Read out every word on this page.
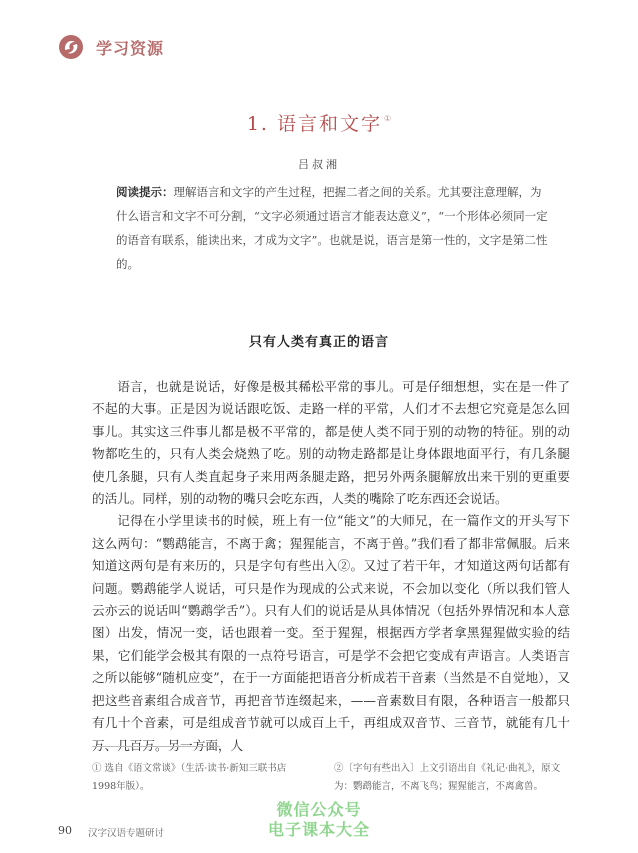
学习资源
1. 语言和文字 ①
吕叔湘
阅读提示：理解语言和文字的产生过程，把握二者之间的关系。尤其要注意理解，为什么语言和文字不可分割，“文字必须通过语言才能表达意义”，“一个形体必须同一定的语音有联系，能读出来，才成为文字”。也就是说，语言是第一性的，文字是第二性的。
只有人类有真正的语言

语言，也就是说话，好像是极其稀松平常的事儿。可是仔细想想，实在是一件了不起的大事。正是因为说话跟吃饭、走路一样的平常，人们才不去想它究竟是怎么回事儿。其实这三件事儿都是极不平常的，都是使人类不同于别的动物的特征。别的动物都吃生的，只有人类会烧熟了吃。别的动物走路都是让身体跟地面平行，有几条腿使几条腿，只有人类直起身子来用两条腿走路，把另外两条腿解放出来干别的更重要的活儿。同样，别的动物的嘴只会吃东西，人类的嘴除了吃东西还会说话。

记得在小学里读书的时候，班上有一位“能文”的大师兄，在一篇作文的开头写下这么两句：“鹦鹉能言，不离于禽；猩猩能言，不离于兽。”我们看了都非常佩服。后来知道这两句是有来历的，只是字句有些出入②。又过了若干年，才知道这两句话都有问题。鹦鹉能学人说话，可只是作为现成的公式来说，不会加以变化（所以我们管人云亦云的说话叫“鹦鹉学舌”）。只有人们的说话是从具体情况（包括外界情况和本人意图）出发，情况一变，话也跟着一变。至于猩猩，根据西方学者拿黑猩猩做实验的结果，它们能学会极其有限的一点符号语言，可是学不会把它变成有声语言。人类语言之所以能够“随机应变”，在于一方面能把语音分析成若干音素（当然是不自觉地），又把这些音素组合成音节，再把音节连缀起来，——音素数目有限，各种语言一般都只有几十个音素，可是组成音节就可以成百上千，再组成双音节、三音节，就能有几十万、几百万。另一方面，人

① 选自《语文常谈》（生活·读书·新知三联书店1998年版）。
②〔字句有些出入〕上文引语出自《礼记·曲礼》，原文为：鹦鹉能言，不离飞鸟；猩猩能言，不离禽兽。
90 汉字汉语专题研讨
微信公众号
电子课本大全
